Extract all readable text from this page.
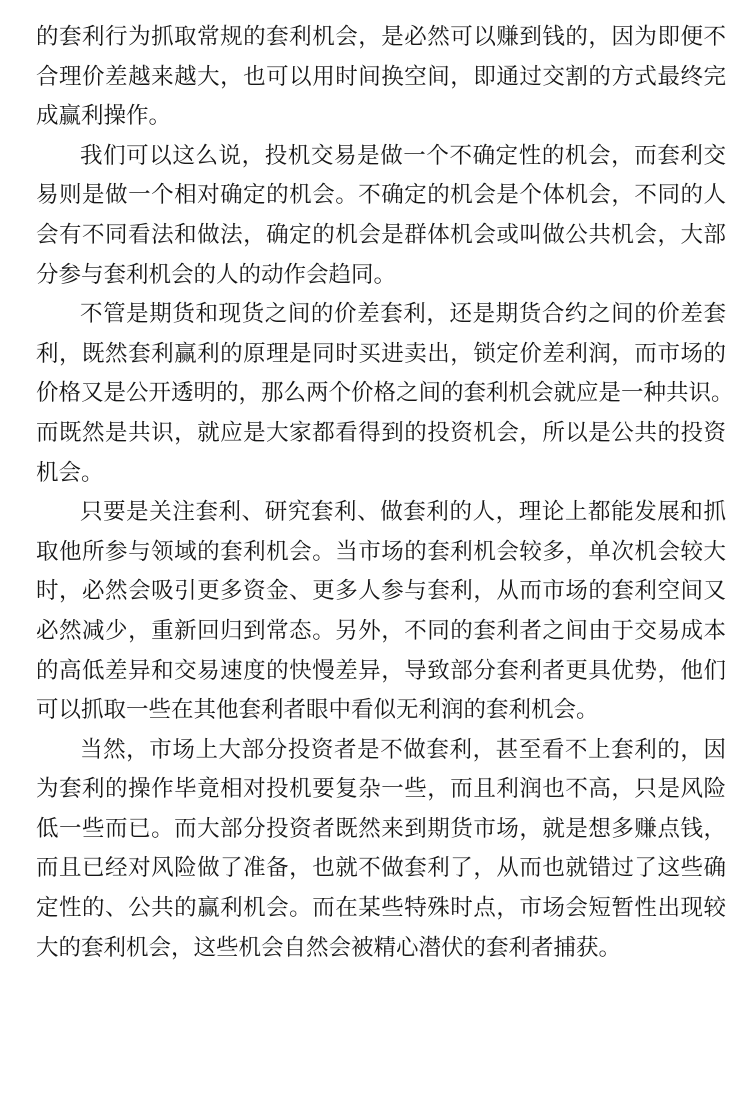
的套利行为抓取常规的套利机会，是必然可以赚到钱的，因为即便不
合理价差越来越大，也可以用时间换空间，即通过交割的方式最终完
成赢利操作。
我们可以这么说，投机交易是做一个不确定性的机会，而套利交
易则是做一个相对确定的机会。不确定的机会是个体机会，不同的人
会有不同看法和做法，确定的机会是群体机会或叫做公共机会，大部
分参与套利机会的人的动作会趋同。
不管是期货和现货之间的价差套利，还是期货合约之间的价差套
利，既然套利赢利的原理是同时买进卖出，锁定价差利润，而市场的
价格又是公开透明的，那么两个价格之间的套利机会就应是一种共识。
而既然是共识，就应是大家都看得到的投资机会，所以是公共的投资
机会。
只要是关注套利、研究套利、做套利的人，理论上都能发展和抓
取他所参与领域的套利机会。当市场的套利机会较多，单次机会较大
时，必然会吸引更多资金、更多人参与套利，从而市场的套利空间又
必然减少，重新回归到常态。另外，不同的套利者之间由于交易成本
的高低差异和交易速度的快慢差异，导致部分套利者更具优势，他们
可以抓取一些在其他套利者眼中看似无利润的套利机会。
当然，市场上大部分投资者是不做套利，甚至看不上套利的，因
为套利的操作毕竟相对投机要复杂一些，而且利润也不高，只是风险
低一些而已。而大部分投资者既然来到期货市场，就是想多赚点钱，
而且已经对风险做了准备，也就不做套利了，从而也就错过了这些确
定性的、公共的赢利机会。而在某些特殊时点，市场会短暂性出现较
大的套利机会，这些机会自然会被精心潜伏的套利者捕获。
